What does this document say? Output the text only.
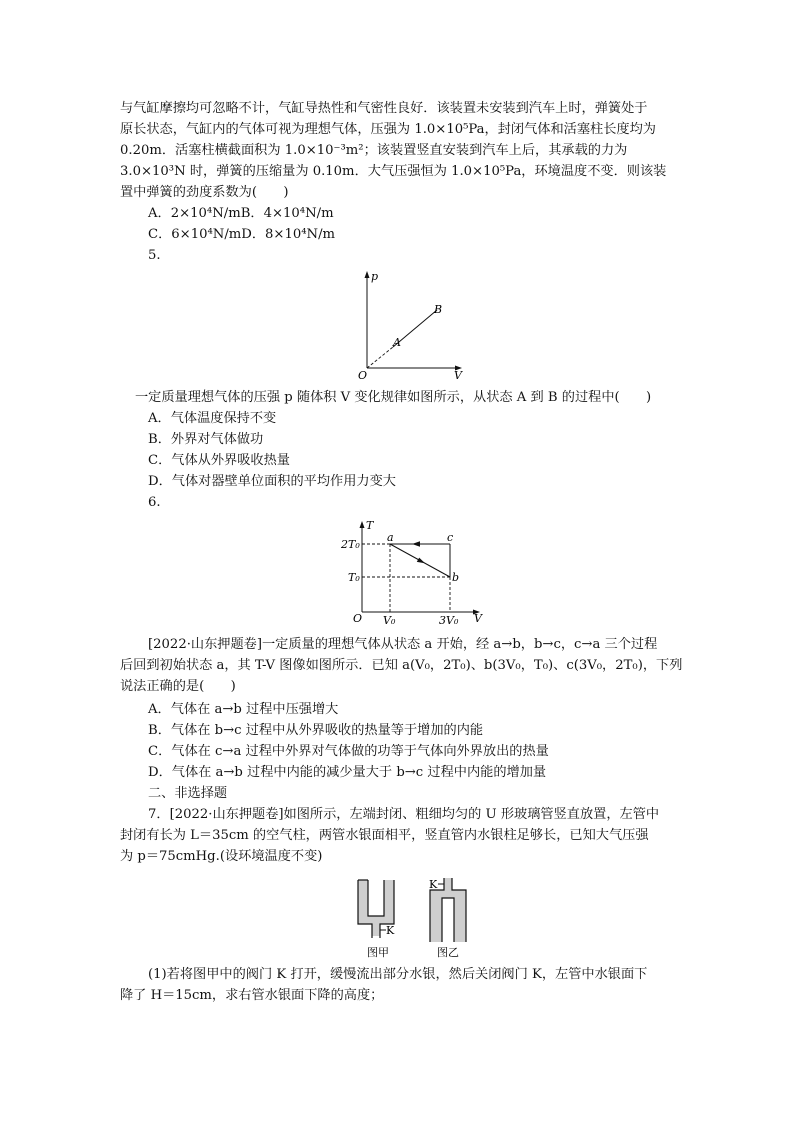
与气缸摩擦均可忽略不计，气缸导热性和气密性良好．该装置未安装到汽车上时，弹簧处于
原长状态，气缸内的气体可视为理想气体，压强为 1.0×10⁵Pa，封闭气体和活塞柱长度均为
0.20m．活塞柱横截面积为 1.0×10⁻³m²；该装置竖直安装到汽车上后，其承载的力为
3.0×10³N 时，弹簧的压缩量为 0.10m．大气压强恒为 1.0×10⁵Pa，环境温度不变．则该装
置中弹簧的劲度系数为(　　)
A．2×10⁴N/mB．4×10⁴N/m
C．6×10⁴N/mD．8×10⁴N/m
5.
p
V
O
A
B
一定质量理想气体的压强 p 随体积 V 变化规律如图所示，从状态 A 到 B 的过程中(　　)
A．气体温度保持不变
B．外界对气体做功
C．气体从外界吸收热量
D．气体对器壁单位面积的平均作用力变大
6.
T
V
O
2T₀
T₀
V₀	3V₀
a
b
c
[2022·山东押题卷]一定质量的理想气体从状态 a 开始，经 a→b，b→c，c→a 三个过程
后回到初始状态 a，其 T-V 图像如图所示．已知 a(V₀，2T₀)、b(3V₀，T₀)、c(3V₀，2T₀)，下列
说法正确的是(　　)
A．气体在 a→b 过程中压强增大
B．气体在 b→c 过程中从外界吸收的热量等于增加的内能
C．气体在 c→a 过程中外界对气体做的功等于气体向外界放出的热量
D．气体在 a→b 过程中内能的减少量大于 b→c 过程中内能的增加量
二、非选择题
7．[2022·山东押题卷]如图所示，左端封闭、粗细均匀的 U 形玻璃管竖直放置，左管中
封闭有长为 L＝35cm 的空气柱，两管水银面相平，竖直管内水银柱足够长，已知大气压强
为 p＝75cmHg.(设环境温度不变)
K
图甲
K
图乙
(1)若将图甲中的阀门 K 打开，缓慢流出部分水银，然后关闭阀门 K，左管中水银面下
降了 H＝15cm，求右管水银面下降的高度；
